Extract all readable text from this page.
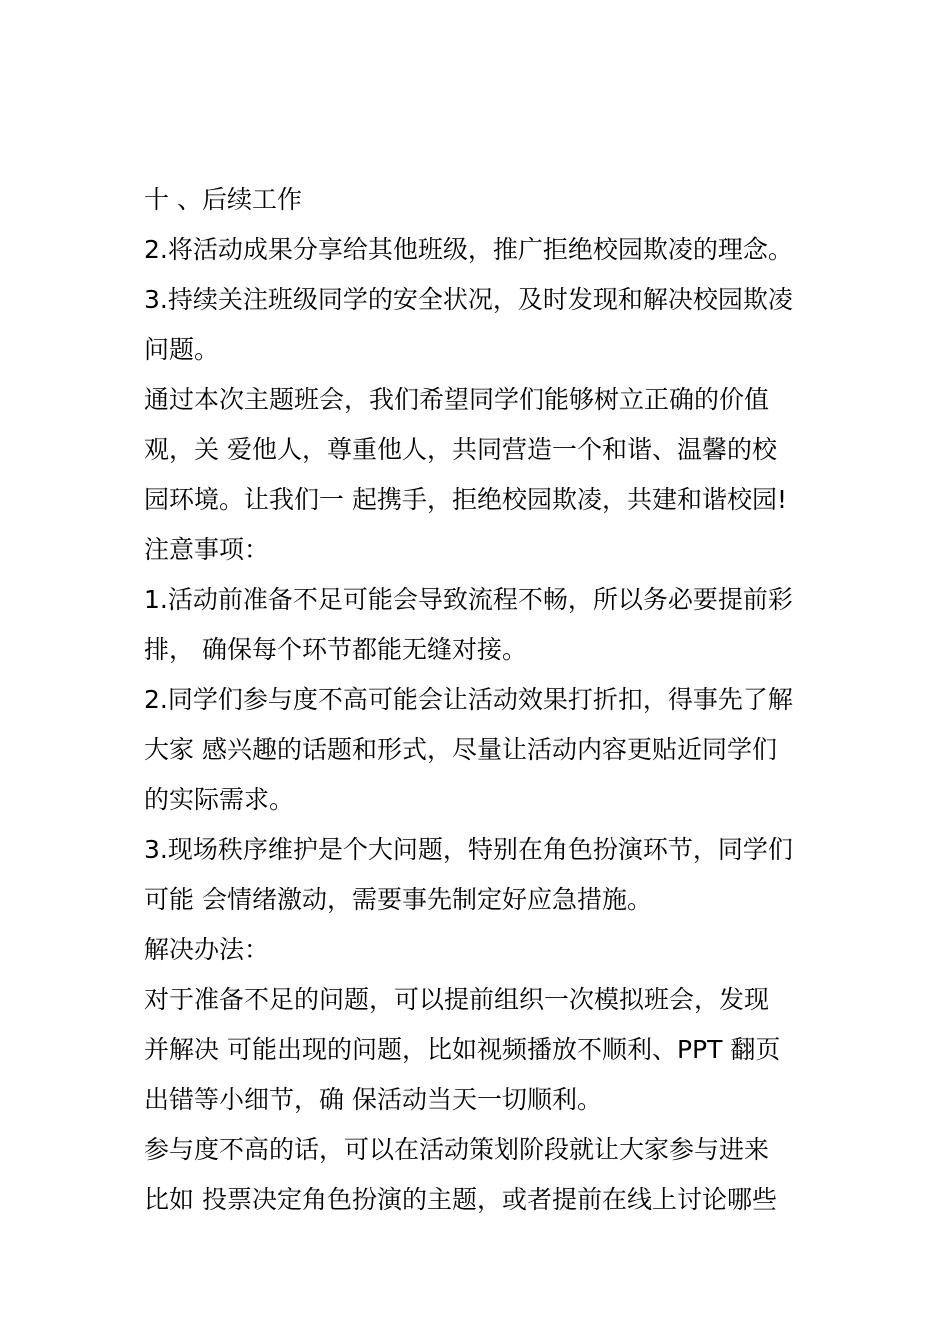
十 、后续工作
2.将活动成果分享给其他班级，推广拒绝校园欺凌的理念。
3.持续关注班级同学的安全状况，及时发现和解决校园欺凌
问题。
通过本次主题班会，我们希望同学们能够树立正确的价值
观，关 爱他人，尊重他人，共同营造一个和谐、温馨的校
园环境。让我们一 起携手，拒绝校园欺凌，共建和谐校园!
注意事项：
1.活动前准备不足可能会导致流程不畅，所以务必要提前彩
排， 确保每个环节都能无缝对接。
2.同学们参与度不高可能会让活动效果打折扣，得事先了解
大家 感兴趣的话题和形式，尽量让活动内容更贴近同学们
的实际需求。
3.现场秩序维护是个大问题，特别在角色扮演环节，同学们
可能 会情绪激动，需要事先制定好应急措施。
解决办法：
对于准备不足的问题，可以提前组织一次模拟班会，发现
并解决 可能出现的问题，比如视频播放不顺利、PPT 翻页
出错等小细节，确 保活动当天一切顺利。
参与度不高的话，可以在活动策划阶段就让大家参与进来
比如 投票决定角色扮演的主题，或者提前在线上讨论哪些
